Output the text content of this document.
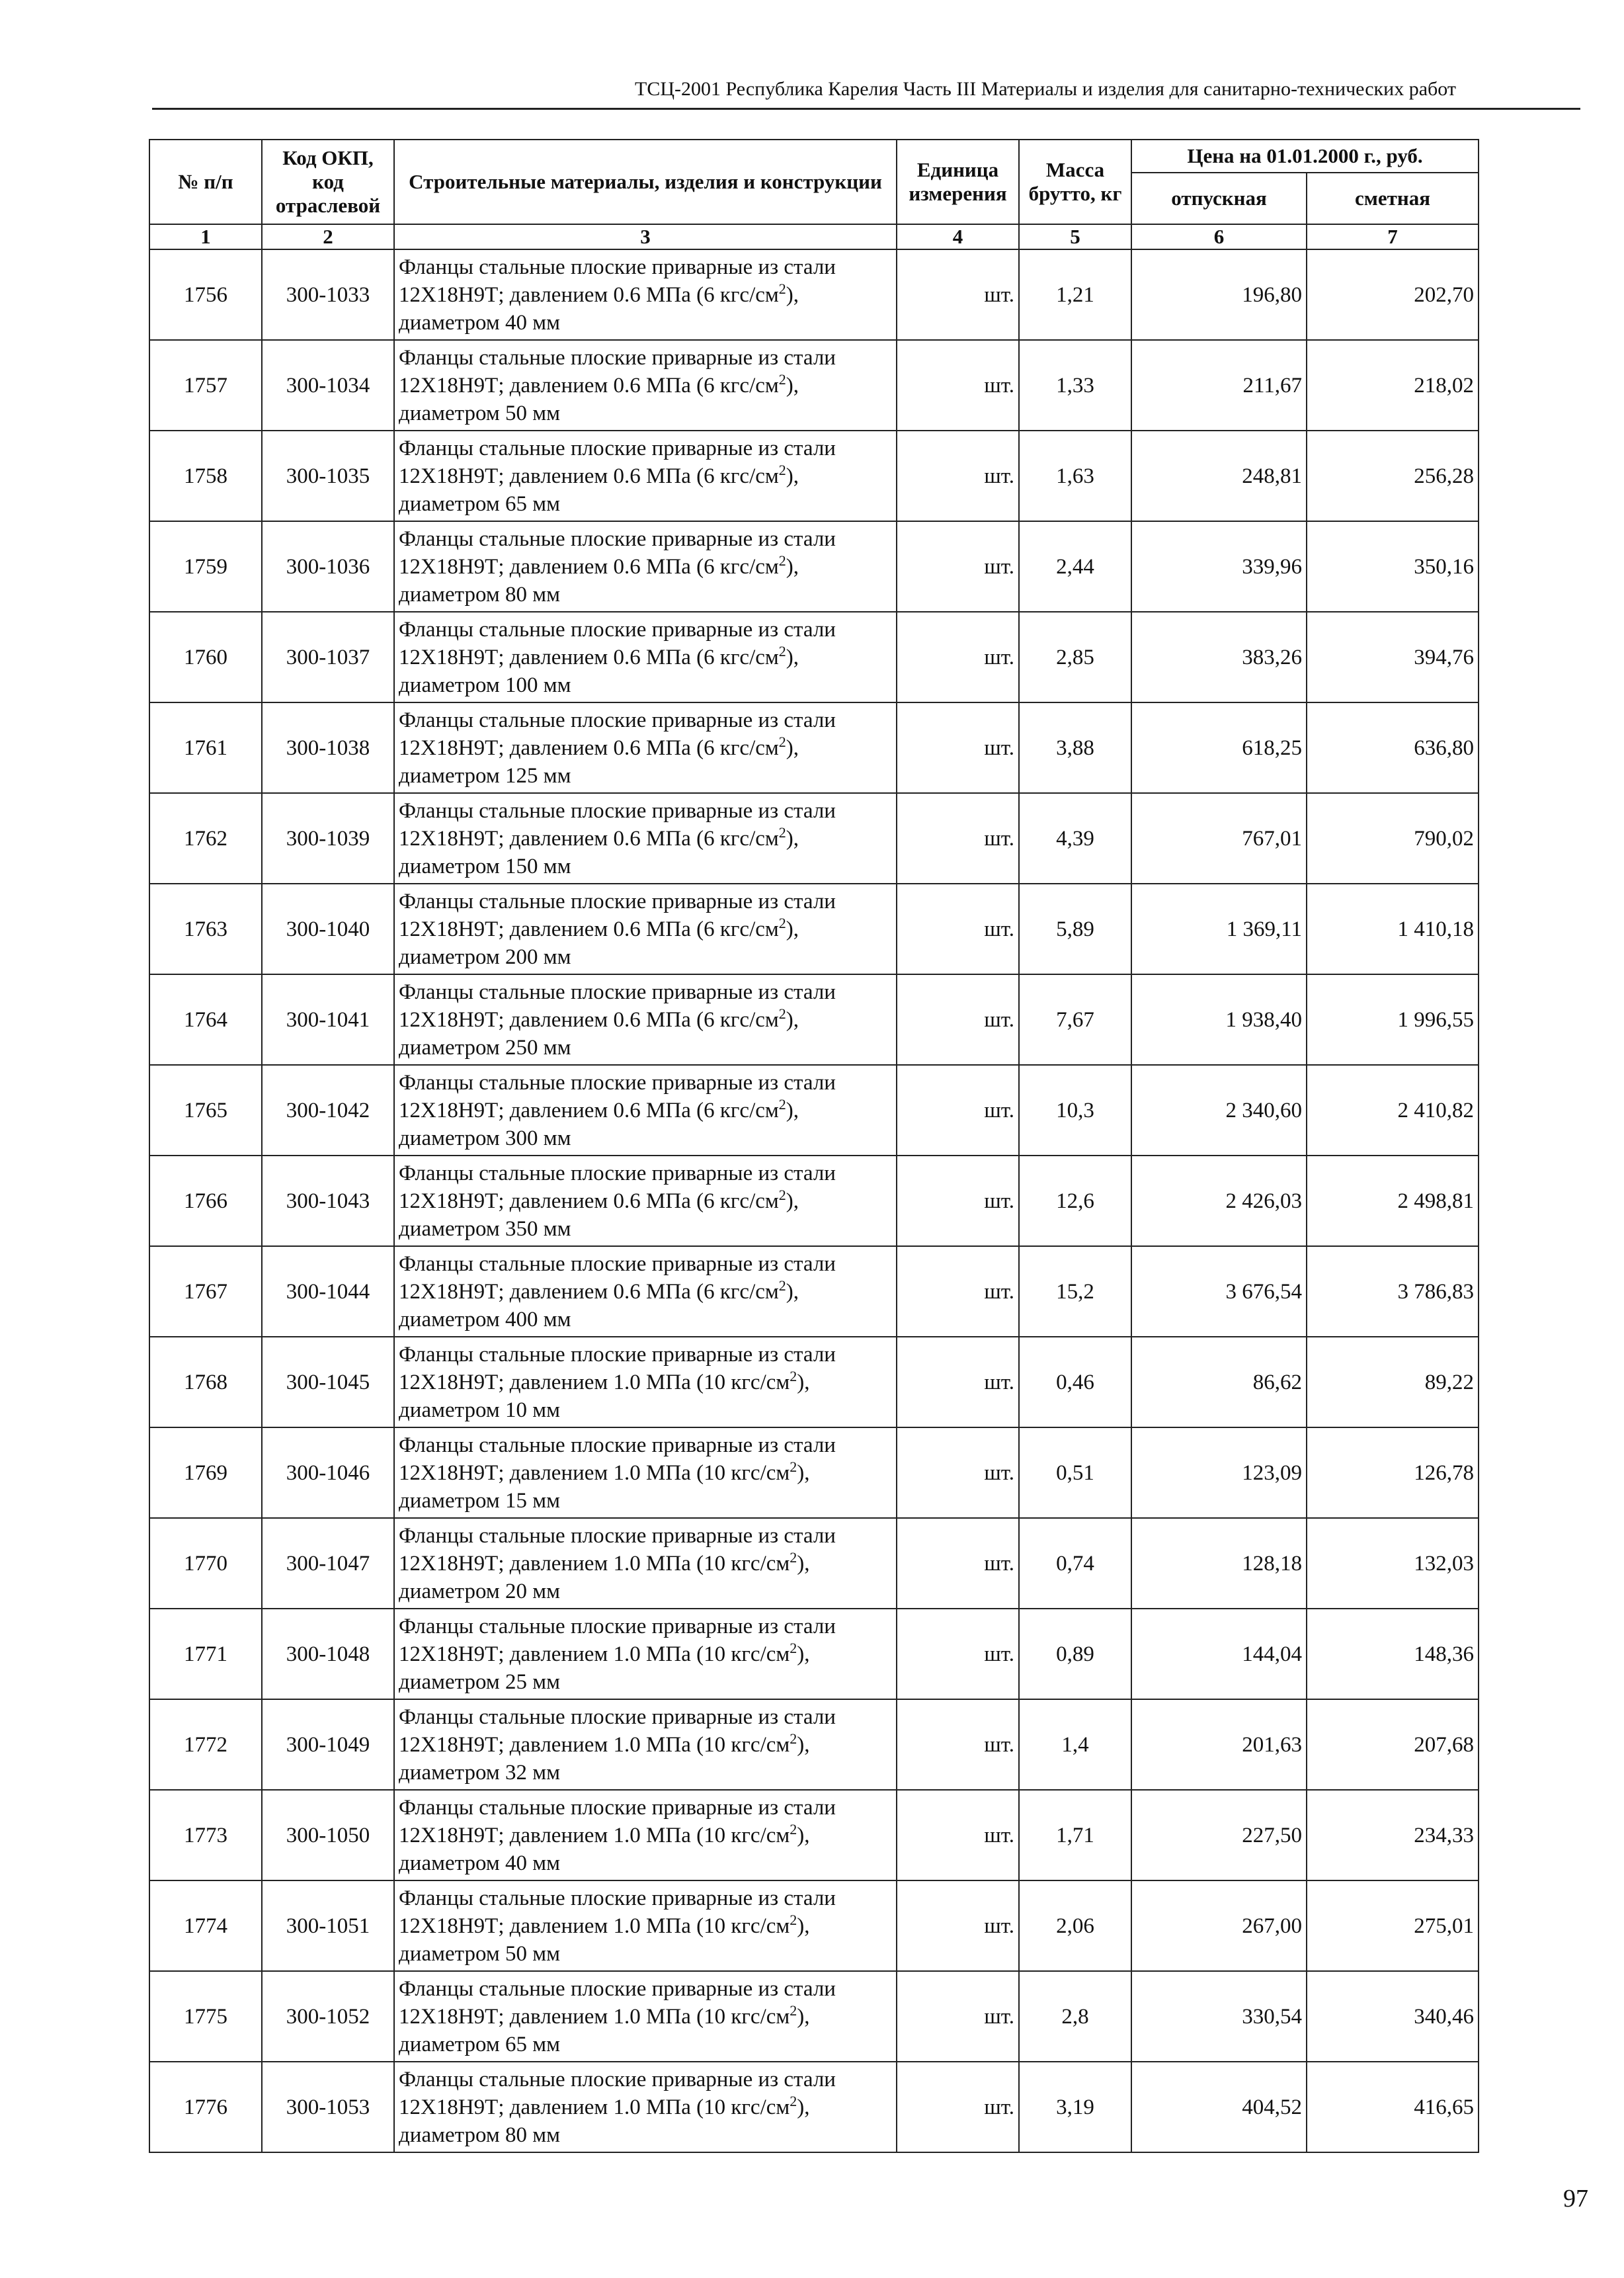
ТСЦ-2001 Республика Карелия Часть III Материалы и изделия для санитарно-технических работ
№ п/п	Код ОКП, код отраслевой	Строительные материалы, изделия и конструкции	Единица измерения	Масса брутто, кг	Цена на 01.01.2000 г., руб.	
					отпускная	сметная
1	2	3	4	5	6	7
1756	300-1033	Фланцы стальные плоские приварные из стали 12Х18Н9Т; давлением 0.6 МПа (6 кгс/$см^2$), диаметром 40 мм	шт.	1,21	196,80	202,70
1757	300-1034	Фланцы стальные плоские приварные из стали 12Х18Н9Т; давлением 0.6 МПа (6 кгс/$см^2$), диаметром 50 мм	шт.	1,33	211,67	218,02
1758	300-1035	Фланцы стальные плоские приварные из стали 12Х18Н9Т; давлением 0.6 МПа (6 кгс/$см^2$), диаметром 65 мм	шт.	1,63	248,81	256,28
1759	300-1036	Фланцы стальные плоские приварные из стали 12Х18Н9Т; давлением 0.6 МПа (6 кгс/$см^2$), диаметром 80 мм	шт.	2,44	339,96	350,16
1760	300-1037	Фланцы стальные плоские приварные из стали 12Х18Н9Т; давлением 0.6 МПа (6 кгс/$см^2$), диаметром 100 мм	шт.	2,85	383,26	394,76
1761	300-1038	Фланцы стальные плоские приварные из стали 12Х18Н9Т; давлением 0.6 МПа (6 кгс/$см^2$), диаметром 125 мм	шт.	3,88	618,25	636,80
1762	300-1039	Фланцы стальные плоские приварные из стали 12Х18Н9Т; давлением 0.6 МПа (6 кгс/$см^2$), диаметром 150 мм	шт.	4,39	767,01	790,02
1763	300-1040	Фланцы стальные плоские приварные из стали 12Х18Н9Т; давлением 0.6 МПа (6 кгс/$см^2$), диаметром 200 мм	шт.	5,89	1 369,11	1 410,18
1764	300-1041	Фланцы стальные плоские приварные из стали 12Х18Н9Т; давлением 0.6 МПа (6 кгс/$см^2$), диаметром 250 мм	шт.	7,67	1 938,40	1 996,55
1765	300-1042	Фланцы стальные плоские приварные из стали 12Х18Н9Т; давлением 0.6 МПа (6 кгс/$см^2$), диаметром 300 мм	шт.	10,3	2 340,60	2 410,82
1766	300-1043	Фланцы стальные плоские приварные из стали 12Х18Н9Т; давлением 0.6 МПа (6 кгс/$см^2$), диаметром 350 мм	шт.	12,6	2 426,03	2 498,81
1767	300-1044	Фланцы стальные плоские приварные из стали 12Х18Н9Т; давлением 0.6 МПа (6 кгс/$см^2$), диаметром 400 мм	шт.	15,2	3 676,54	3 786,83
1768	300-1045	Фланцы стальные плоские приварные из стали 12Х18Н9Т; давлением 1.0 МПа (10 кгс/$см^2$), диаметром 10 мм	шт.	0,46	86,62	89,22
1769	300-1046	Фланцы стальные плоские приварные из стали 12Х18Н9Т; давлением 1.0 МПа (10 кгс/$см^2$), диаметром 15 мм	шт.	0,51	123,09	126,78
1770	300-1047	Фланцы стальные плоские приварные из стали 12Х18Н9Т; давлением 1.0 МПа (10 кгс/$см^2$), диаметром 20 мм	шт.	0,74	128,18	132,03
1771	300-1048	Фланцы стальные плоские приварные из стали 12Х18Н9Т; давлением 1.0 МПа (10 кгс/$см^2$), диаметром 25 мм	шт.	0,89	144,04	148,36
1772	300-1049	Фланцы стальные плоские приварные из стали 12Х18Н9Т; давлением 1.0 МПа (10 кгс/$см^2$), диаметром 32 мм	шт.	1,4	201,63	207,68
1773	300-1050	Фланцы стальные плоские приварные из стали 12Х18Н9Т; давлением 1.0 МПа (10 кгс/$см^2$), диаметром 40 мм	шт.	1,71	227,50	234,33
1774	300-1051	Фланцы стальные плоские приварные из стали 12Х18Н9Т; давлением 1.0 МПа (10 кгс/$см^2$), диаметром 50 мм	шт.	2,06	267,00	275,01
1775	300-1052	Фланцы стальные плоские приварные из стали 12Х18Н9Т; давлением 1.0 МПа (10 кгс/$см^2$), диаметром 65 мм	шт.	2,8	330,54	340,46
1776	300-1053	Фланцы стальные плоские приварные из стали 12Х18Н9Т; давлением 1.0 МПа (10 кгс/$см^2$), диаметром 80 мм	шт.	3,19	404,52	416,65
97
